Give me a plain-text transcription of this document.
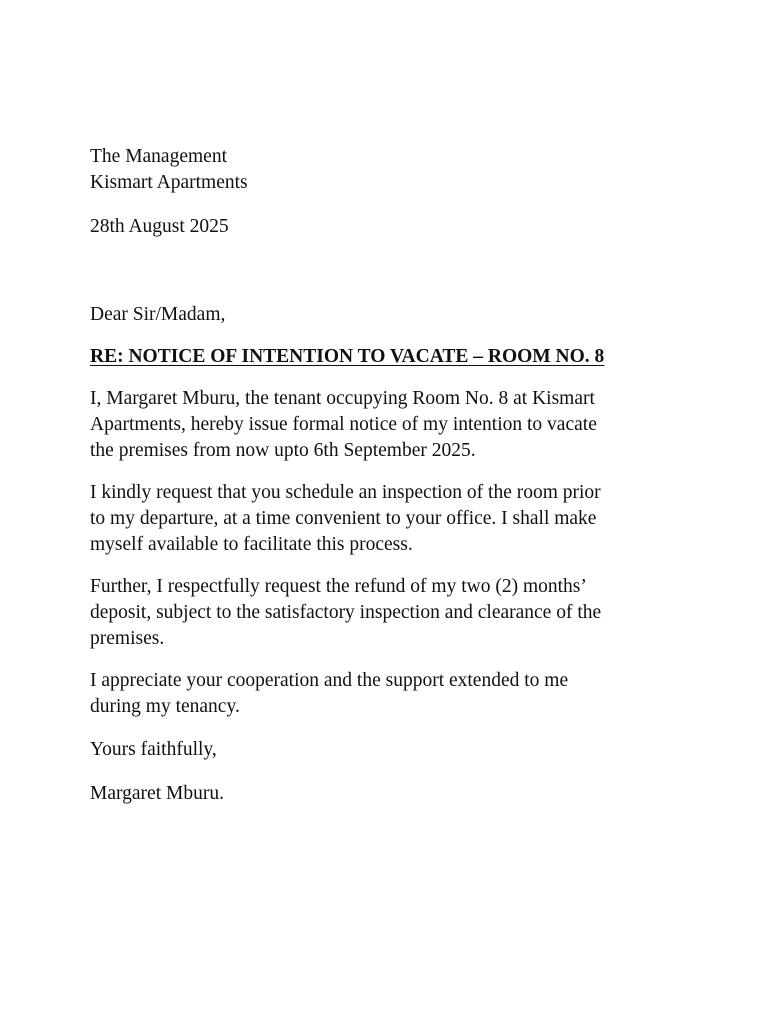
The Management
Kismart Apartments
28th August 2025
Dear Sir/Madam,
RE: NOTICE OF INTENTION TO VACATE – ROOM NO. 8
I, Margaret Mburu, the tenant occupying Room No. 8 at Kismart
Apartments, hereby issue formal notice of my intention to vacate
the premises from now upto 6th September 2025.
I kindly request that you schedule an inspection of the room prior
to my departure, at a time convenient to your office. I shall make
myself available to facilitate this process.
Further, I respectfully request the refund of my two (2) months’
deposit, subject to the satisfactory inspection and clearance of the
premises.
I appreciate your cooperation and the support extended to me
during my tenancy.
Yours faithfully,
Margaret Mburu.
